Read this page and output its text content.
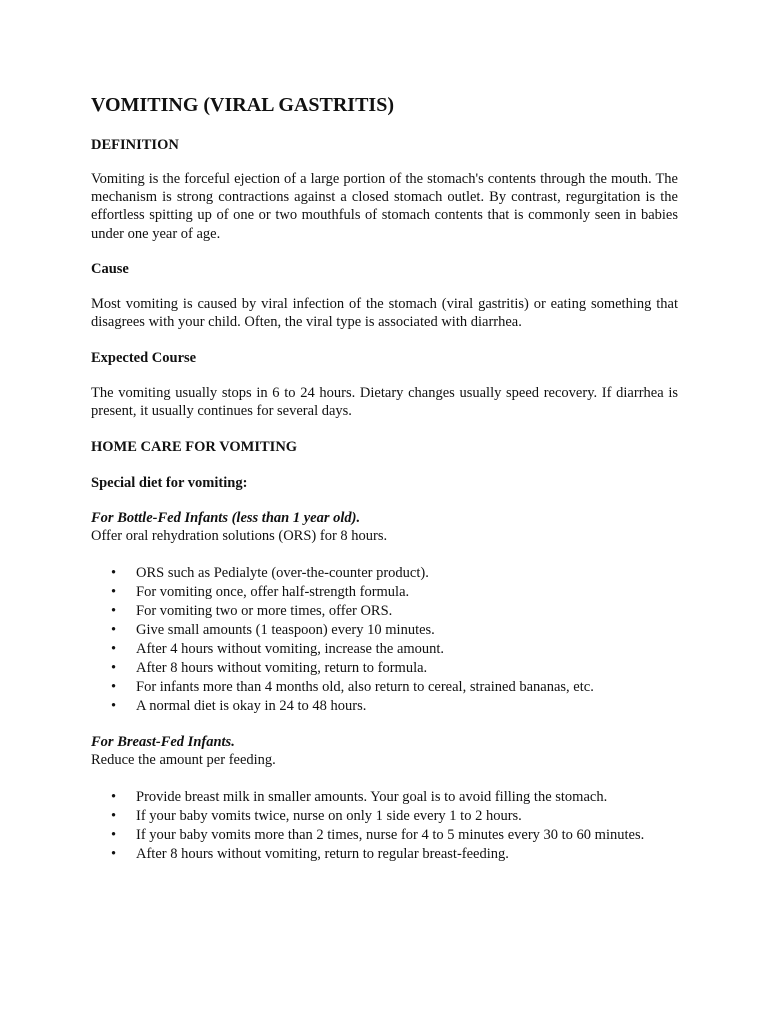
VOMITING (VIRAL GASTRITIS)
DEFINITION

Vomiting is the forceful ejection of a large portion of the stomach's contents through the mouth. The mechanism is strong contractions against a closed stomach outlet. By contrast, regurgitation is the effortless spitting up of one or two mouthfuls of stomach contents that is commonly seen in babies under one year of age.

Cause

Most vomiting is caused by viral infection of the stomach (viral gastritis) or eating something that disagrees with your child. Often, the viral type is associated with diarrhea.

Expected Course

The vomiting usually stops in 6 to 24 hours. Dietary changes usually speed recovery. If diarrhea is present, it usually continues for several days.

HOME CARE FOR VOMITING
Special diet for vomiting:
For Bottle-Fed Infants (less than 1 year old).

Offer oral rehydration solutions (ORS) for 8 hours.

• ORS such as Pedialyte (over-the-counter product).
• For vomiting once, offer half-strength formula.
• For vomiting two or more times, offer ORS.
• Give small amounts (1 teaspoon) every 10 minutes.
• After 4 hours without vomiting, increase the amount.
• After 8 hours without vomiting, return to formula.
• For infants more than 4 months old, also return to cereal, strained bananas, etc.
• A normal diet is okay in 24 to 48 hours.
For Breast-Fed Infants.

Reduce the amount per feeding.

• Provide breast milk in smaller amounts. Your goal is to avoid filling the stomach.
• If your baby vomits twice, nurse on only 1 side every 1 to 2 hours.
• If your baby vomits more than 2 times, nurse for 4 to 5 minutes every 30 to 60 minutes.
• After 8 hours without vomiting, return to regular breast-feeding.
